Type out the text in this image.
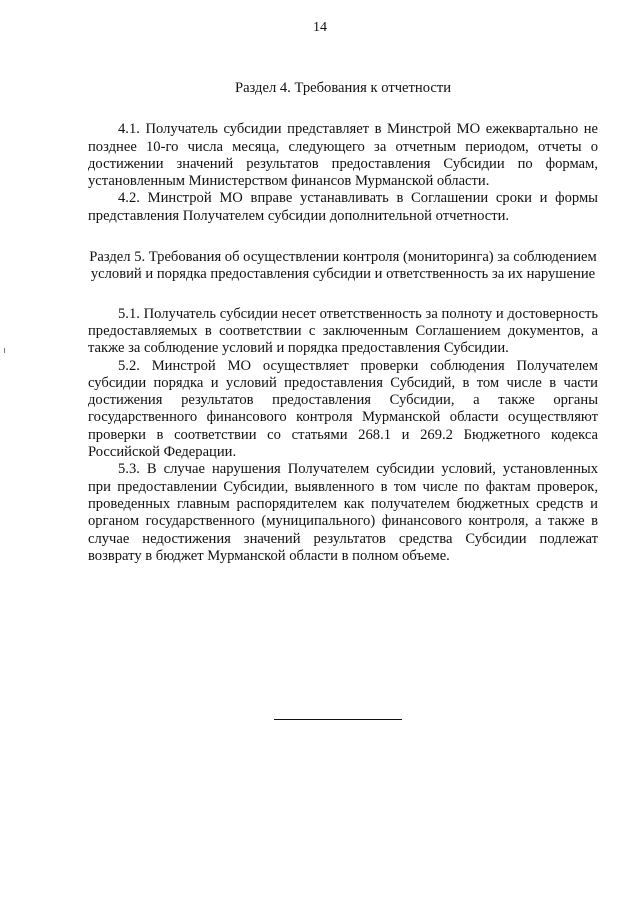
14

Раздел 4. Требования к отчетности

4.1. Получатель субсидии представляет в Минстрой МО ежеквартально не позднее 10-го числа месяца, следующего за отчетным периодом, отчеты о достижении значений результатов предоставления Субсидии по формам, установленным Министерством финансов Мурманской области.

4.2. Минстрой МО вправе устанавливать в Соглашении сроки и формы представления Получателем субсидии дополнительной отчетности.

Раздел 5. Требования об осуществлении контроля (мониторинга) за соблюдением условий и порядка предоставления субсидии и ответственность за их нарушение

5.1. Получатель субсидии несет ответственность за полноту и достоверность предоставляемых в соответствии с заключенным Соглашением документов, а также за соблюдение условий и порядка предоставления Субсидии.

5.2. Минстрой МО осуществляет проверки соблюдения Получателем субсидии порядка и условий предоставления Субсидий, в том числе в части достижения результатов предоставления Субсидии, а также органы государственного финансового контроля Мурманской области осуществляют проверки в соответствии со статьями 268.1 и 269.2 Бюджетного кодекса Российской Федерации.

5.3. В случае нарушения Получателем субсидии условий, установленных при предоставлении Субсидии, выявленного в том числе по фактам проверок, проведенных главным распорядителем как получателем бюджетных средств и органом государственного (муниципального) финансового контроля, а также в случае недостижения значений результатов средства Субсидии подлежат возврату в бюджет Мурманской области в полном объеме.
